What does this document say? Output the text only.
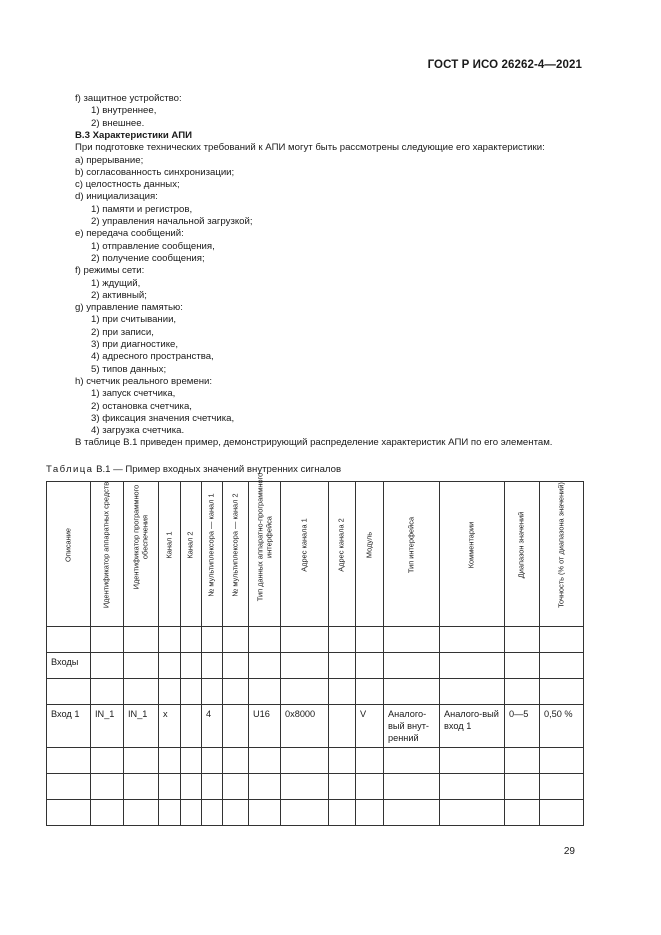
ГОСТ Р ИСО 26262-4—2021
f) защитное устройство:
1) внутреннее,
2) внешнее.
B.3 Характеристики АПИ
При подготовке технических требований к АПИ могут быть рассмотрены следующие его характеристики:
a) прерывание;
b) согласованность синхронизации;
c) целостность данных;
d) инициализация:
1) памяти и регистров,
2) управления начальной загрузкой;
e) передача сообщений:
1) отправление сообщения,
2) получение сообщения;
f) режимы сети:
1) ждущий,
2) активный;
g) управление памятью:
1) при считывании,
2) при записи,
3) при диагностике,
4) адресного пространства,
5) типов данных;
h) счетчик реального времени:
1) запуск счетчика,
2) остановка счетчика,
3) фиксация значения счетчика,
4) загрузка счетчика.
В таблице В.1 приведен пример, демонстрирующий распределение характеристик АПИ по его элементам.
Таблица В.1 — Пример входных значений внутренних сигналов
Описание	Идентификатор аппаратных средств	Идентификатор программного обеспечения	Канал 1	Канал 2	№ мультиплексора — канал 1	№ мультиплексора — канал 2	Тип данных аппаратно-программного интерфейса	Адрес канала 1	Адрес канала 2	Модуль	Тип интерфейса	Комментарии	Диапазон значений	Точность (% от диапазона значений)

Входы														

Вход 1	IN_1	IN_1	x		4		U16	0x8000		V	Аналого-вый внут-ренний	Аналого-вый вход 1	0—5	0,50 %

29
